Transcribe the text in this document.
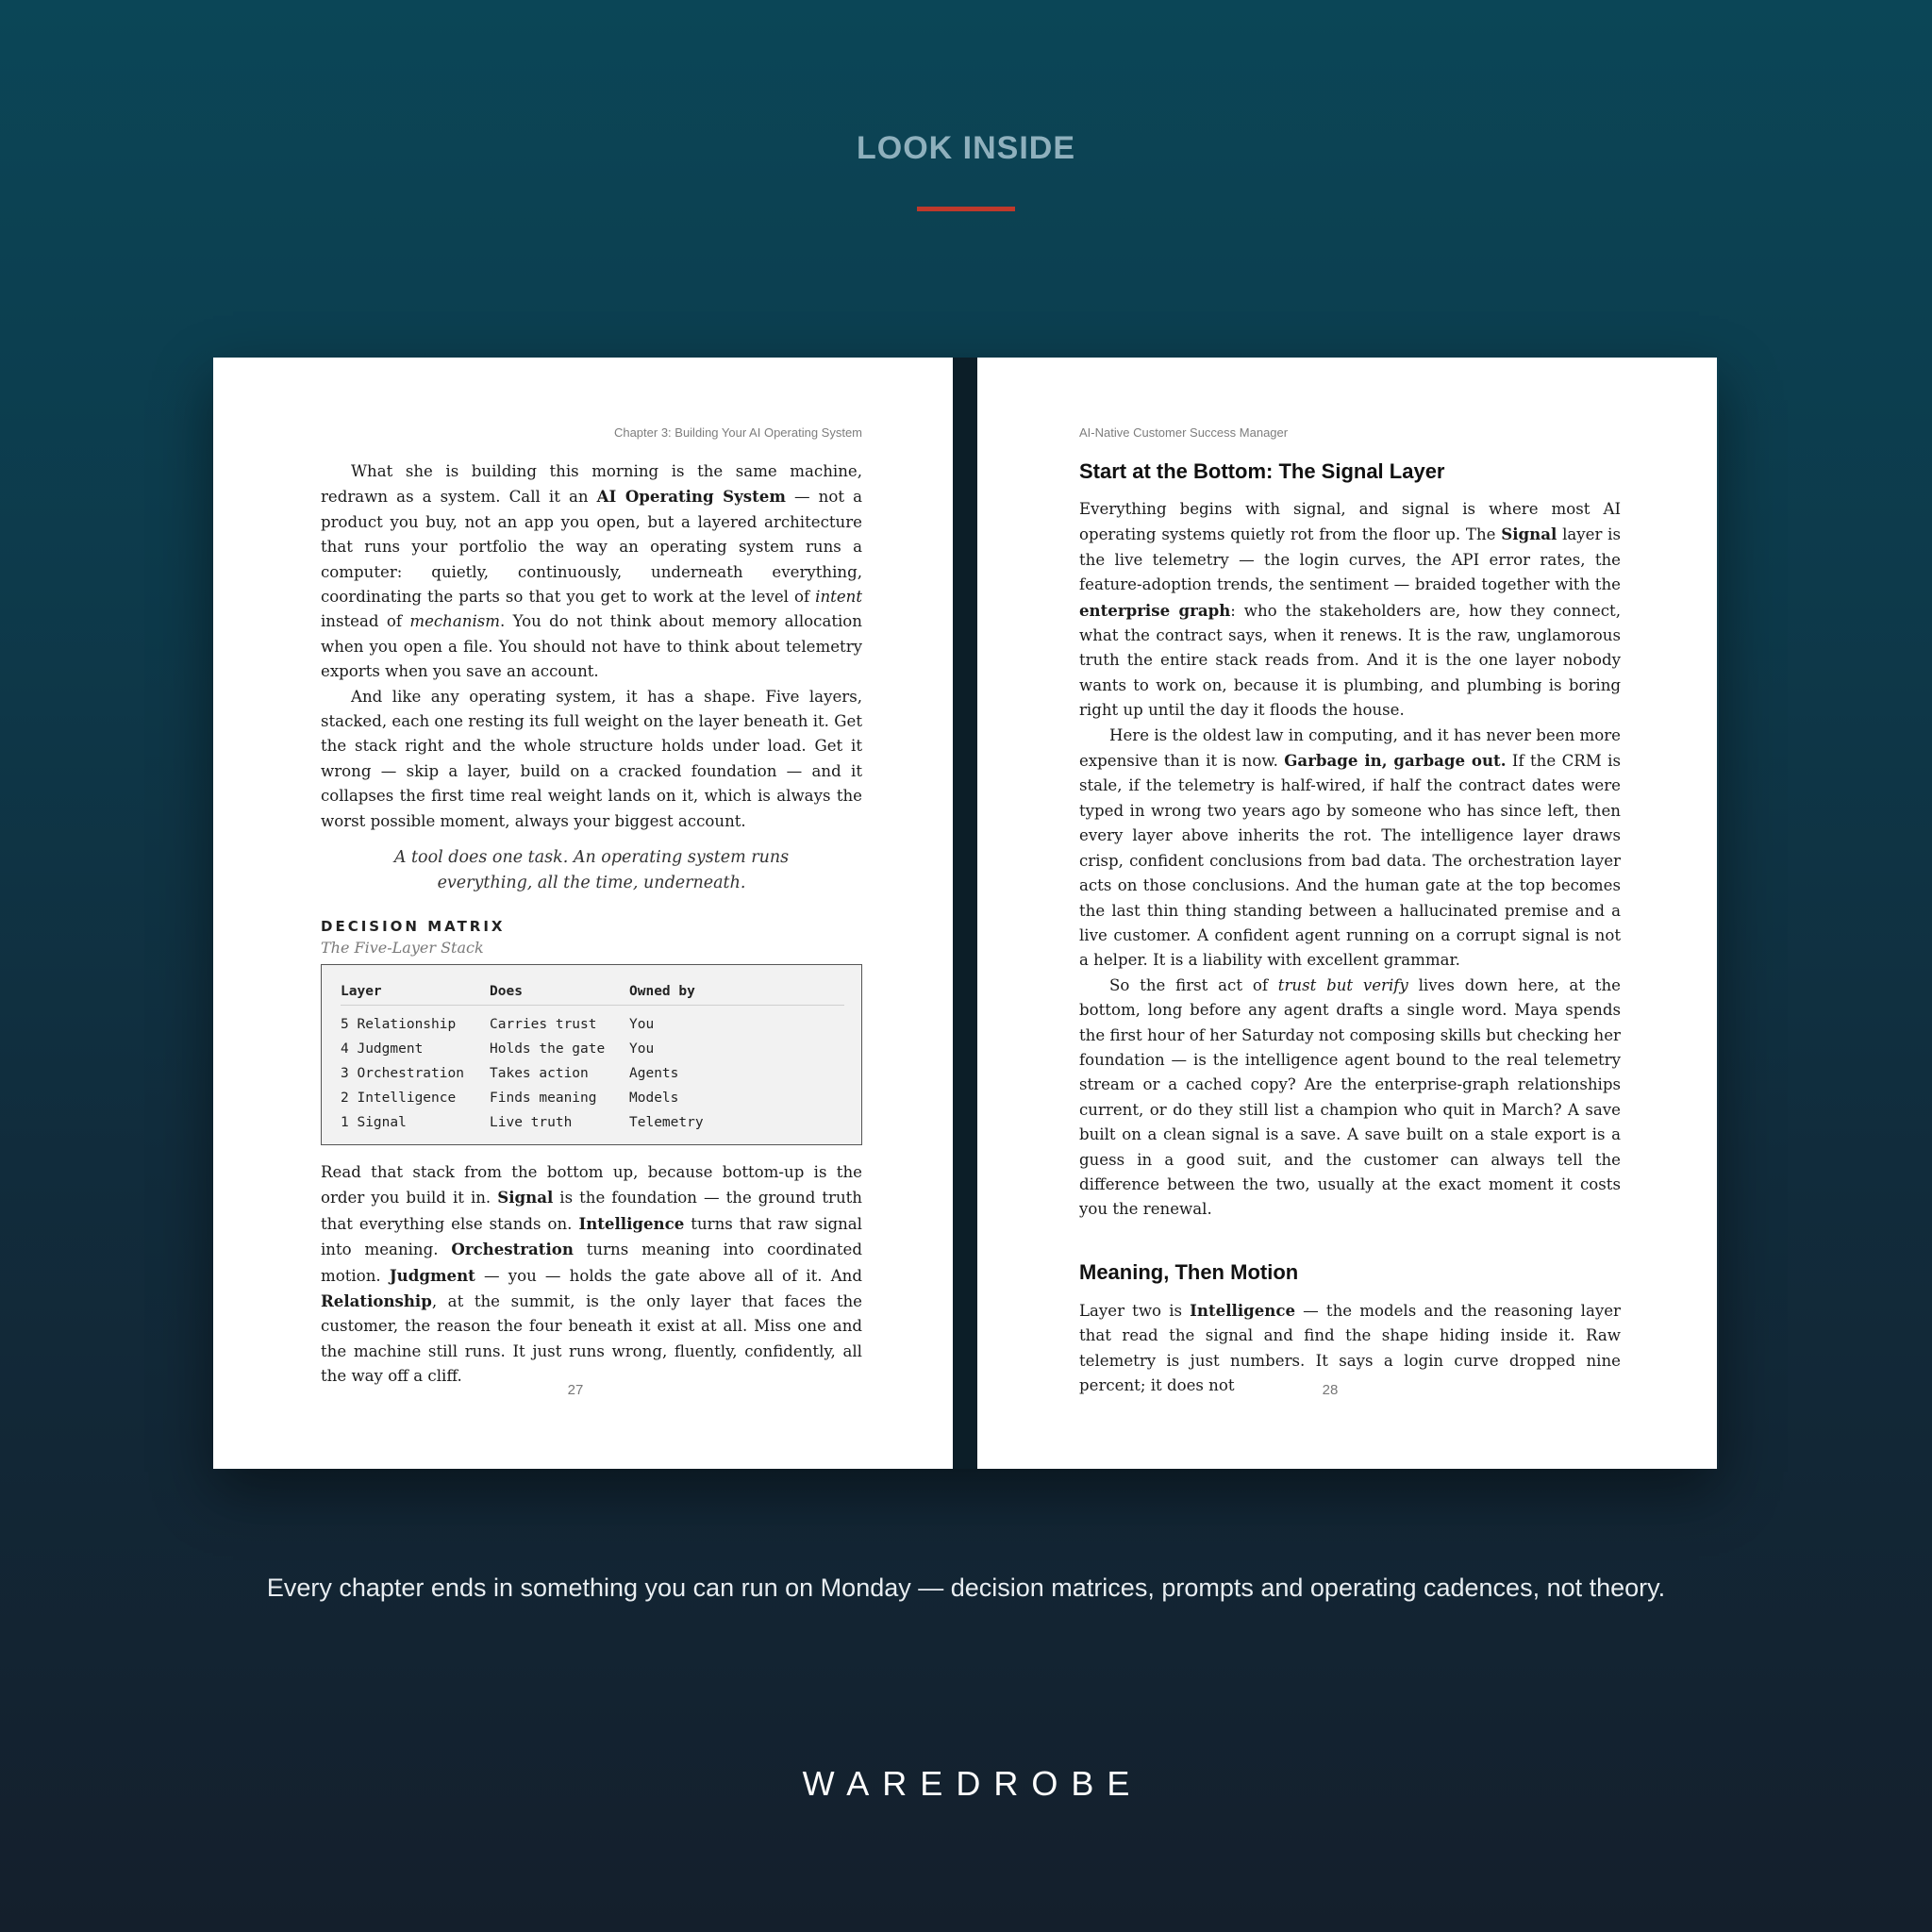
LOOK INSIDE
Chapter 3: Building Your AI Operating System

What she is building this morning is the same machine, redrawn as a system. Call it an AI Operating System — not a product you buy, not an app you open, but a layered architecture that runs your portfolio the way an operating system runs a computer: quietly, continuously, underneath everything, coordinating the parts so that you get to work at the level of intent instead of mechanism. You do not think about memory allocation when you open a file. You should not have to think about telemetry exports when you save an account.

And like any operating system, it has a shape. Five layers, stacked, each one resting its full weight on the layer beneath it. Get the stack right and the whole structure holds under load. Get it wrong — skip a layer, build on a cracked foundation — and it collapses the first time real weight lands on it, which is always the worst possible moment, always your biggest account.

A tool does one task. An operating system runs everything, all the time, underneath.

DECISION MATRIX
The Five-Layer Stack
Layer	Does	Owned by
5 Relationship	Carries trust	You
4 Judgment	Holds the gate	You
3 Orchestration	Takes action	Agents
2 Intelligence	Finds meaning	Models
1 Signal	Live truth	Telemetry

Read that stack from the bottom up, because bottom-up is the order you build it in. Signal is the foundation — the ground truth that everything else stands on. Intelligence turns that raw signal into meaning. Orchestration turns meaning into coordinated motion. Judgment — you — holds the gate above all of it. And Relationship, at the summit, is the only layer that faces the customer, the reason the four beneath it exist at all. Miss one and the machine still runs. It just runs wrong, fluently, confidently, all the way off a cliff.

27
AI-Native Customer Success Manager
Start at the Bottom: The Signal Layer

Everything begins with signal, and signal is where most AI operating systems quietly rot from the floor up. The Signal layer is the live telemetry — the login curves, the API error rates, the feature-adoption trends, the sentiment — braided together with the enterprise graph: who the stakeholders are, how they connect, what the contract says, when it renews. It is the raw, unglamorous truth the entire stack reads from. And it is the one layer nobody wants to work on, because it is plumbing, and plumbing is boring right up until the day it floods the house.

Here is the oldest law in computing, and it has never been more expensive than it is now. Garbage in, garbage out. If the CRM is stale, if the telemetry is half-wired, if half the contract dates were typed in wrong two years ago by someone who has since left, then every layer above inherits the rot. The intelligence layer draws crisp, confident conclusions from bad data. The orchestration layer acts on those conclusions. And the human gate at the top becomes the last thin thing standing between a hallucinated premise and a live customer. A confident agent running on a corrupt signal is not a helper. It is a liability with excellent grammar.

So the first act of trust but verify lives down here, at the bottom, long before any agent drafts a single word. Maya spends the first hour of her Saturday not composing skills but checking her foundation — is the intelligence agent bound to the real telemetry stream or a cached copy? Are the enterprise-graph relationships current, or do they still list a champion who quit in March? A save built on a clean signal is a save. A save built on a stale export is a guess in a good suit, and the customer can always tell the difference between the two, usually at the exact moment it costs you the renewal.

Meaning, Then Motion

Layer two is Intelligence — the models and the reasoning layer that read the signal and find the shape hiding inside it. Raw telemetry is just numbers. It says a login curve dropped nine percent; it does not	28

Every chapter ends in something you can run on Monday — decision matrices, prompts and operating cadences, not theory.

WAREDROBE
